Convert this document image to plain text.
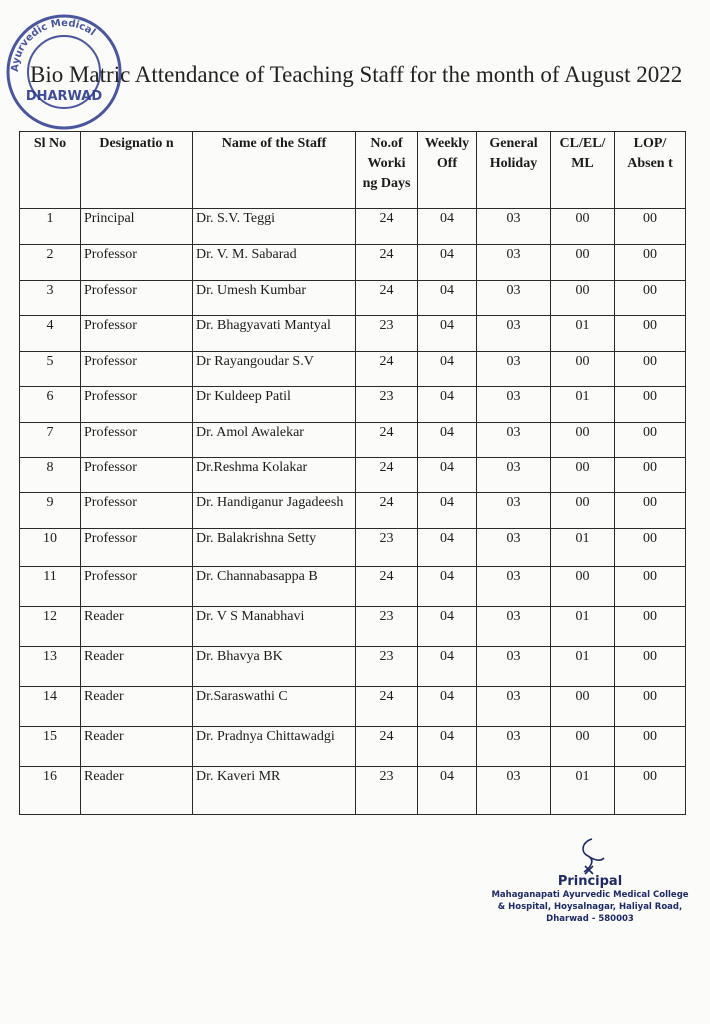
Ayurvedic Medical
DHARWAD
Bio Matric Attendance of Teaching Staff for the month of August 2022
Sl No	Designatio n	Name of the Staff	No.of Worki ng Days	Weekly Off	General Holiday	CL/EL/ ML	LOP/ Absen t
1	Principal	Dr. S.V. Teggi	24	04	03	00	00
2	Professor	Dr. V. M. Sabarad	24	04	03	00	00
3	Professor	Dr. Umesh Kumbar	24	04	03	00	00
4	Professor	Dr. Bhagyavati Mantyal	23	04	03	01	00
5	Professor	Dr Rayangoudar S.V	24	04	03	00	00
6	Professor	Dr Kuldeep Patil	23	04	03	01	00
7	Professor	Dr. Amol Awalekar	24	04	03	00	00
8	Professor	Dr.Reshma Kolakar	24	04	03	00	00
9	Professor	Dr. Handiganur Jagadeesh	24	04	03	00	00
10	Professor	Dr. Balakrishna Setty	23	04	03	01	00
11	Professor	Dr. Channabasappa B	24	04	03	00	00
12	Reader	Dr. V S Manabhavi	23	04	03	01	00
13	Reader	Dr. Bhavya BK	23	04	03	01	00
14	Reader	Dr.Saraswathi C	24	04	03	00	00
15	Reader	Dr. Pradnya Chittawadgi	24	04	03	00	00
16	Reader	Dr. Kaveri MR	23	04	03	01	00
Principal
Mahaganapati Ayurvedic Medical College
& Hospital, Hoysalnagar, Haliyal Road,
Dharwad - 580003
